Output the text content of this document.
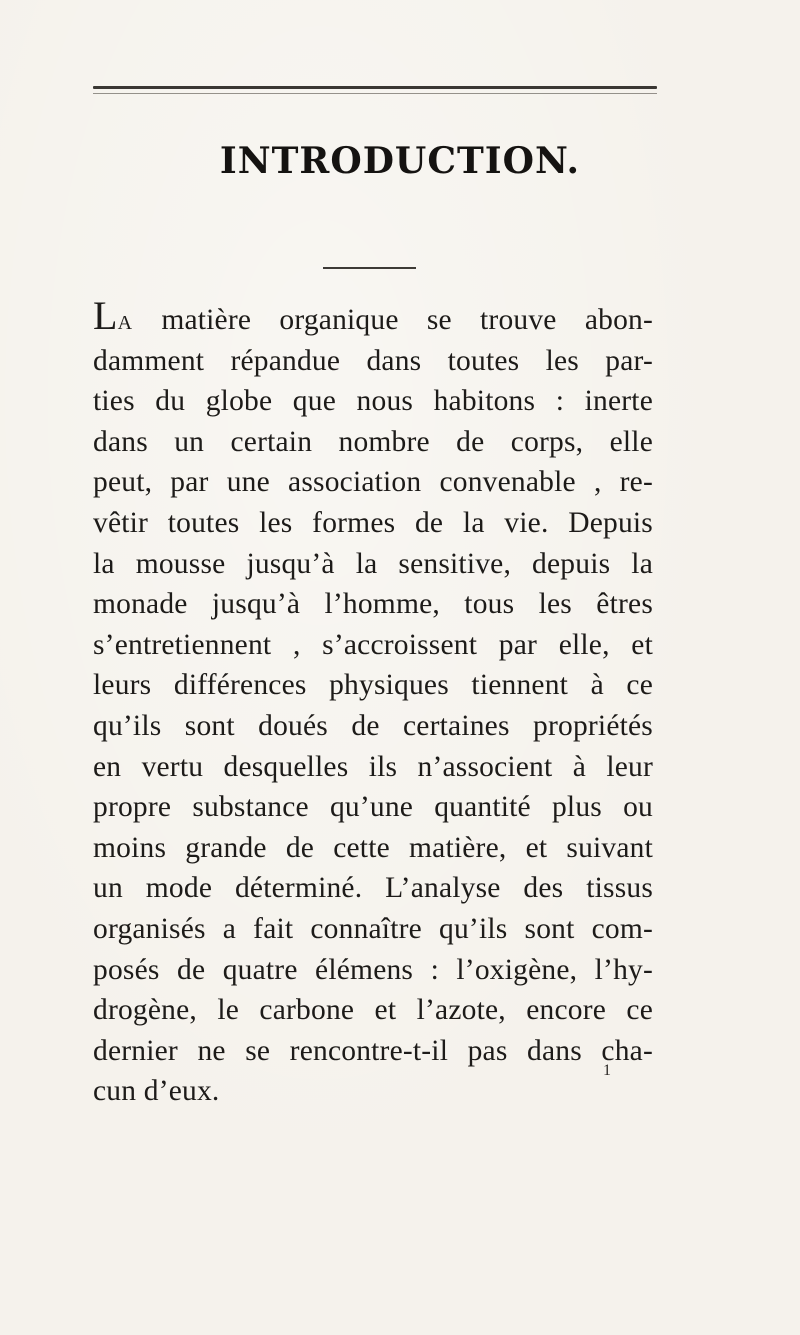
INTRODUCTION.
LA matière organique se trouve abon-
damment répandue dans toutes les par-
ties du globe que nous habitons : inerte
dans un certain nombre de corps, elle
peut, par une association convenable , re-
vêtir toutes les formes de la vie. Depuis
la mousse jusqu’à la sensitive, depuis la
monade jusqu’à l’homme, tous les êtres
s’entretiennent , s’accroissent par elle, et
leurs différences physiques tiennent à ce
qu’ils sont doués de certaines propriétés
en vertu desquelles ils n’associent à leur
propre substance qu’une quantité plus ou
moins grande de cette matière, et suivant
un mode déterminé. L’analyse des tissus
organisés a fait connaître qu’ils sont com-
posés de quatre élémens : l’oxigène, l’hy-
drogène, le carbone et l’azote, encore ce
dernier ne se rencontre-t-il pas dans cha-
cun d’eux.
1
